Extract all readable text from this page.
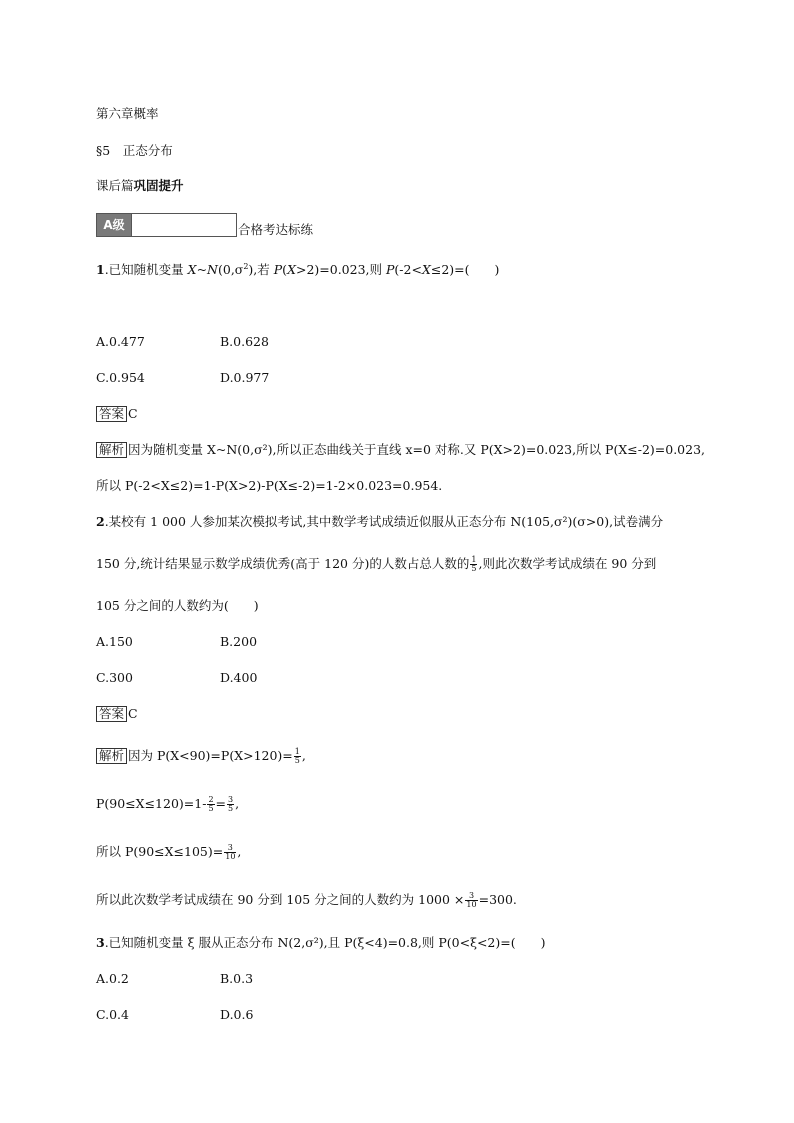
第六章概率
§5　正态分布
课后篇巩固提升
A级	合格考达标练
1.已知随机变量 $X\sim N(0,\sigma^2)$,若 P(X>2)=0.023,则 P(-2<X≤2)=(　　)
A.0.477	B.0.628
C.0.954	D.0.977
答案 C
解析 因为随机变量 X~N(0,σ²),所以正态曲线关于直线 x=0 对称.又 P(X>2)=0.023,所以 P(X≤-2)=0.023,
所以 P(-2<X≤2)=1-P(X>2)-P(X≤-2)=1-2×0.023=0.954.
2.某校有 1 000 人参加某次模拟考试,其中数学考试成绩近似服从正态分布 N(105,σ²)(σ>0),试卷满分
150 分,统计结果显示数学成绩优秀(高于 120 分)的人数占总人数的 $\frac{1}{5}$ ,则此次数学考试成绩在 90 分到
105 分之间的人数约为(　　)
A.150	B.200
C.300	D.400
答案 C
解析 因为 $P(X<90)=P(X>120)= \frac{1}{5}$ ,
$P(90\le X\le 120)=1- \frac{2}{5} = \frac{3}{5}$ ,
所以 $P(90\le X\le 105)= \frac{3}{10}$ ,
所以此次数学考试成绩在 90 分到 105 分之间的人数约为 $1000 \times \frac{3}{10} =300$.
3.已知随机变量 ξ 服从正态分布 N(2,σ²),且 P(ξ<4)=0.8,则 P(0<ξ<2)=(　　)
A.0.2	B.0.3
C.0.4	D.0.6
